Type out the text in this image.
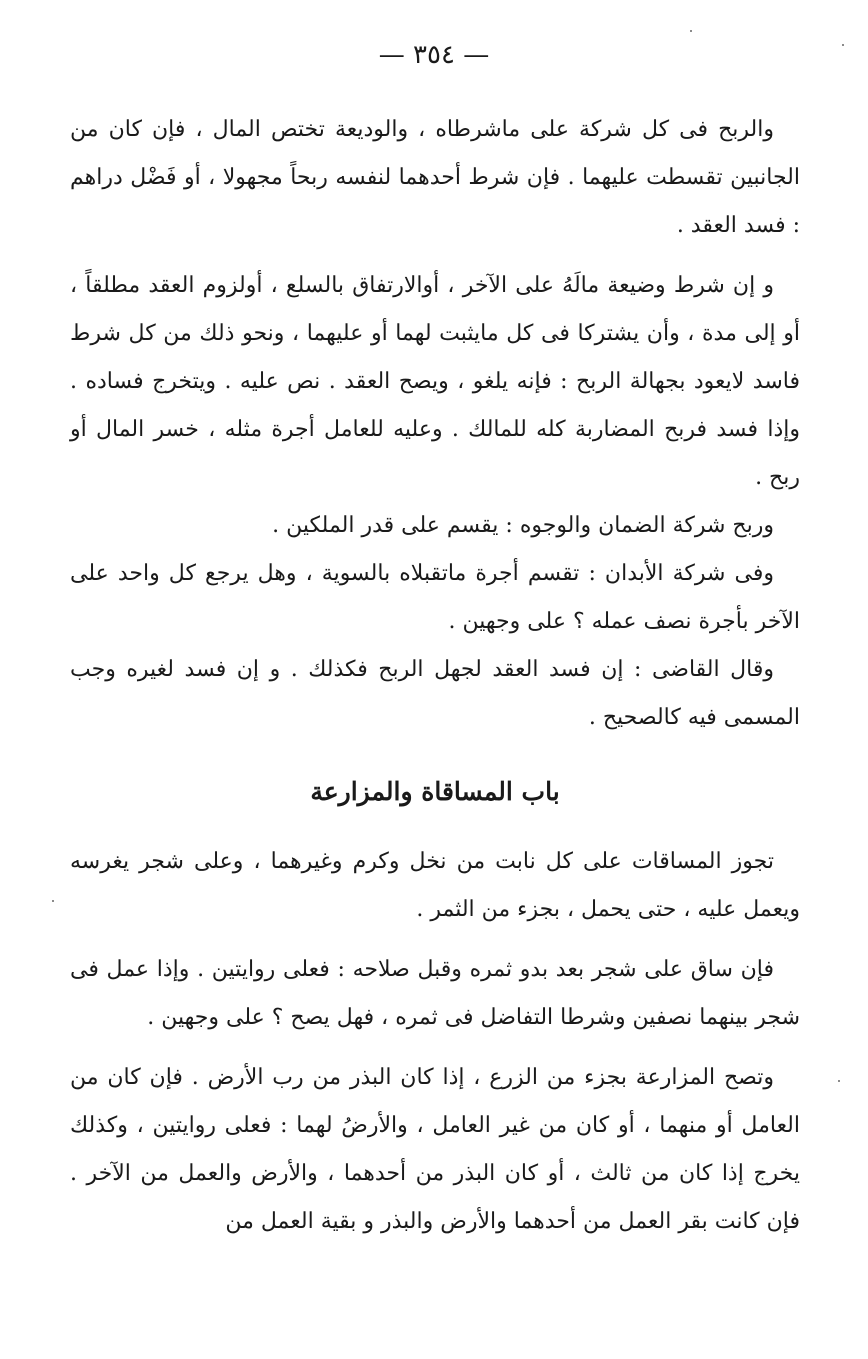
— ٣٥٤ —

والربح فى كل شركة على ماشرطاه ، والوديعة تختص المال ، فإن كان من الجانبين تقسطت عليهما . فإن شرط أحدهما لنفسه ربحاً مجهولا ، أو فَضْل دراهم : فسد العقد .

و إن شرط وضيعة مالَهُ على الآخر ، أوالارتفاق بالسلع ، أولزوم العقد مطلقاً ، أو إلى مدة ، وأن يشتركا فى كل مايثبت لهما أو عليهما ، ونحو ذلك من كل شرط فاسد لايعود بجهالة الربح : فإنه يلغو ، ويصح العقد . نص عليه . ويتخرج فساده . وإذا فسد فربح المضاربة كله للمالك . وعليه للعامل أجرة مثله ، خسر المال أو ربح .

وربح شركة الضمان والوجوه : يقسم على قدر الملكين .

وفى شركة الأبدان : تقسم أجرة ماتقبلاه بالسوية ، وهل يرجع كل واحد على الآخر بأجرة نصف عمله ؟ على وجهين .

وقال القاضى : إن فسد العقد لجهل الربح فكذلك . و إن فسد لغيره وجب المسمى فيه كالصحيح .

باب المساقاة والمزارعة

تجوز المساقات على كل نابت من نخل وكرم وغيرهما ، وعلى شجر يغرسه ويعمل عليه ، حتى يحمل ، بجزء من الثمر .

فإن ساق على شجر بعد بدو ثمره وقبل صلاحه : فعلى روايتين . وإذا عمل فى شجر بينهما نصفين وشرطا التفاضل فى ثمره ، فهل يصح ؟ على وجهين .

وتصح المزارعة بجزء من الزرع ، إذا كان البذر من رب الأرض . فإن كان من العامل أو منهما ، أو كان من غير العامل ، والأرضُ لهما : فعلى روايتين ، وكذلك يخرج إذا كان من ثالث ، أو كان البذر من أحدهما ، والأرض والعمل من الآخر . فإن كانت بقر العمل من أحدهما والأرض والبذر و بقية العمل من
